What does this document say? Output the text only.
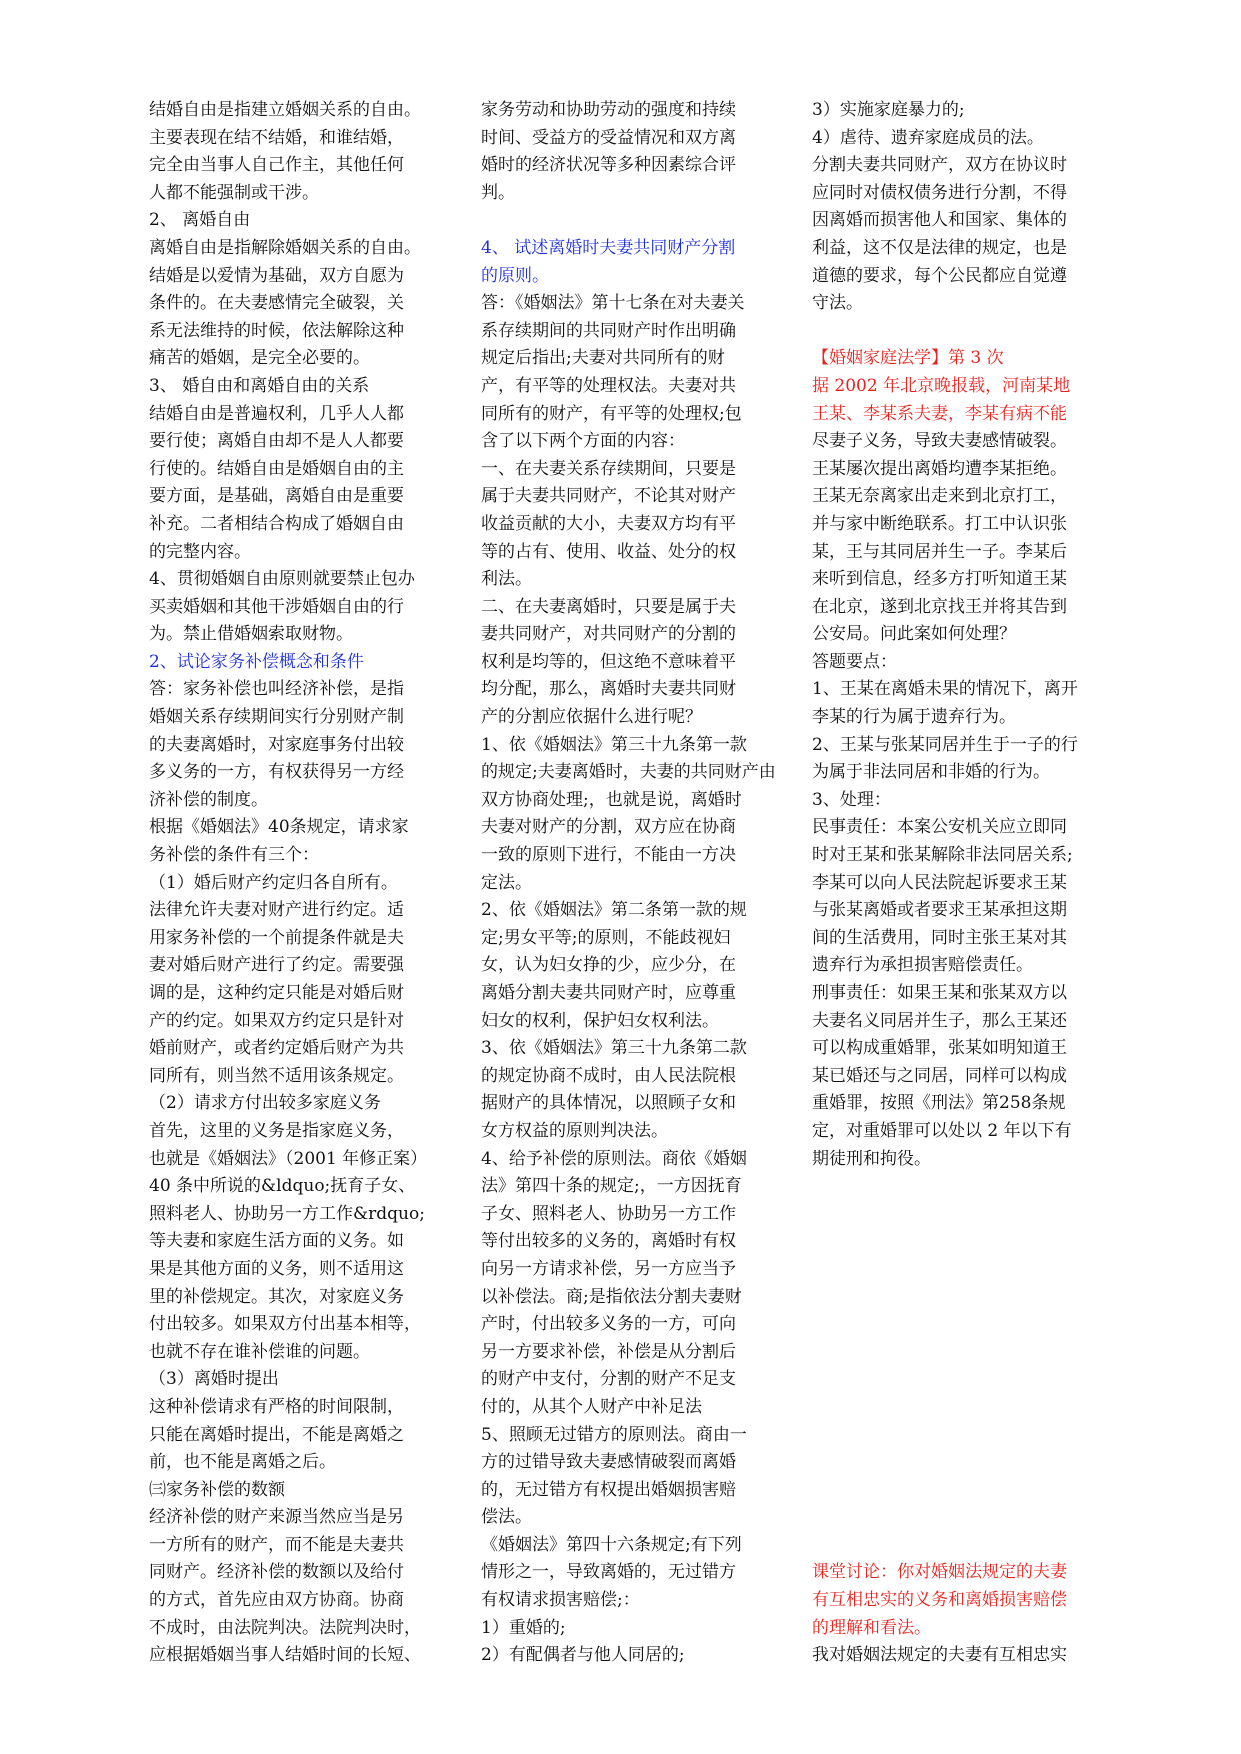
结婚自由是指建立婚姻关系的自由。
主要表现在结不结婚，和谁结婚，
完全由当事人自己作主，其他任何
人都不能强制或干涉。
2、 离婚自由
离婚自由是指解除婚姻关系的自由。
结婚是以爱情为基础，双方自愿为
条件的。在夫妻感情完全破裂，关
系无法维持的时候，依法解除这种
痛苦的婚姻，是完全必要的。
3、 婚自由和离婚自由的关系
结婚自由是普遍权利，几乎人人都
要行使；离婚自由却不是人人都要
行使的。结婚自由是婚姻自由的主
要方面，是基础，离婚自由是重要
补充。二者相结合构成了婚姻自由
的完整内容。
4、贯彻婚姻自由原则就要禁止包办
买卖婚姻和其他干涉婚姻自由的行
为。禁止借婚姻索取财物。
2、试论家务补偿概念和条件
答：家务补偿也叫经济补偿，是指
婚姻关系存续期间实行分别财产制
的夫妻离婚时，对家庭事务付出较
多义务的一方，有权获得另一方经
济补偿的制度。
根据《婚姻法》40条规定，请求家
务补偿的条件有三个：
（1）婚后财产约定归各自所有。
法律允许夫妻对财产进行约定。适
用家务补偿的一个前提条件就是夫
妻对婚后财产进行了约定。需要强
调的是，这种约定只能是对婚后财
产的约定。如果双方约定只是针对
婚前财产，或者约定婚后财产为共
同所有，则当然不适用该条规定。
（2）请求方付出较多家庭义务
首先，这里的义务是指家庭义务，
也就是《婚姻法》（2001 年修正案）
40 条中所说的&ldquo;抚育子女、
照料老人、协助另一方工作&rdquo;
等夫妻和家庭生活方面的义务。如
果是其他方面的义务，则不适用这
里的补偿规定。其次，对家庭义务
付出较多。如果双方付出基本相等，
也就不存在谁补偿谁的问题。
（3）离婚时提出
这种补偿请求有严格的时间限制，
只能在离婚时提出，不能是离婚之
前，也不能是离婚之后。
㈢家务补偿的数额
经济补偿的财产来源当然应当是另
一方所有的财产，而不能是夫妻共
同财产。经济补偿的数额以及给付
的方式，首先应由双方协商。协商
不成时，由法院判决。法院判决时，
应根据婚姻当事人结婚时间的长短、
家务劳动和协助劳动的强度和持续
时间、受益方的受益情况和双方离
婚时的经济状况等多种因素综合评
判。
4、 试述离婚时夫妻共同财产分割
的原则。
答：《婚姻法》第十七条在对夫妻关
系存续期间的共同财产时作出明确
规定后指出;夫妻对共同所有的财
产，有平等的处理权法。夫妻对共
同所有的财产，有平等的处理权;包
含了以下两个方面的内容：
一、在夫妻关系存续期间，只要是
属于夫妻共同财产，不论其对财产
收益贡献的大小，夫妻双方均有平
等的占有、使用、收益、处分的权
利法。
二、在夫妻离婚时，只要是属于夫
妻共同财产，对共同财产的分割的
权利是均等的，但这绝不意味着平
均分配，那么，离婚时夫妻共同财
产的分割应依据什么进行呢？
1、依《婚姻法》第三十九条第一款
的规定;夫妻离婚时，夫妻的共同财产由
双方协商处理;，也就是说，离婚时
夫妻对财产的分割，双方应在协商
一致的原则下进行，不能由一方决
定法。
2、依《婚姻法》第二条第一款的规
定;男女平等;的原则，不能歧视妇
女，认为妇女挣的少，应少分，在
离婚分割夫妻共同财产时，应尊重
妇女的权利，保护妇女权利法。
3、依《婚姻法》第三十九条第二款
的规定协商不成时，由人民法院根
据财产的具体情况，以照顾子女和
女方权益的原则判决法。
4、给予补偿的原则法。商依《婚姻
法》第四十条的规定;，一方因抚育
子女、照料老人、协助另一方工作
等付出较多的义务的，离婚时有权
向另一方请求补偿，另一方应当予
以补偿法。商;是指依法分割夫妻财
产时，付出较多义务的一方，可向
另一方要求补偿，补偿是从分割后
的财产中支付，分割的财产不足支
付的，从其个人财产中补足法
5、照顾无过错方的原则法。商由一
方的过错导致夫妻感情破裂而离婚
的，无过错方有权提出婚姻损害赔
偿法。
《婚姻法》第四十六条规定;有下列
情形之一，导致离婚的，无过错方
有权请求损害赔偿;：
1）重婚的;
2）有配偶者与他人同居的;
3）实施家庭暴力的;
4）虐待、遗弃家庭成员的法。
分割夫妻共同财产，双方在协议时
应同时对债权债务进行分割，不得
因离婚而损害他人和国家、集体的
利益，这不仅是法律的规定，也是
道德的要求，每个公民都应自觉遵
守法。
【婚姻家庭法学】第 3 次
据 2002 年北京晚报载，河南某地
王某、李某系夫妻，李某有病不能
尽妻子义务，导致夫妻感情破裂。
王某屡次提出离婚均遭李某拒绝。
王某无奈离家出走来到北京打工，
并与家中断绝联系。打工中认识张
某，王与其同居并生一子。李某后
来听到信息，经多方打听知道王某
在北京，遂到北京找王并将其告到
公安局。问此案如何处理？
答题要点：
1、王某在离婚未果的情况下，离开
李某的行为属于遗弃行为。
2、王某与张某同居并生于一子的行
为属于非法同居和非婚的行为。
3、处理：
民事责任：本案公安机关应立即同
时对王某和张某解除非法同居关系;
李某可以向人民法院起诉要求王某
与张某离婚或者要求王某承担这期
间的生活费用，同时主张王某对其
遗弃行为承担损害赔偿责任。
刑事责任：如果王某和张某双方以
夫妻名义同居并生子，那么王某还
可以构成重婚罪，张某如明知道王
某已婚还与之同居，同样可以构成
重婚罪，按照《刑法》第258条规
定，对重婚罪可以处以 2 年以下有
期徒刑和拘役。
课堂讨论：你对婚姻法规定的夫妻
有互相忠实的义务和离婚损害赔偿
的理解和看法。
我对婚姻法规定的夫妻有互相忠实
